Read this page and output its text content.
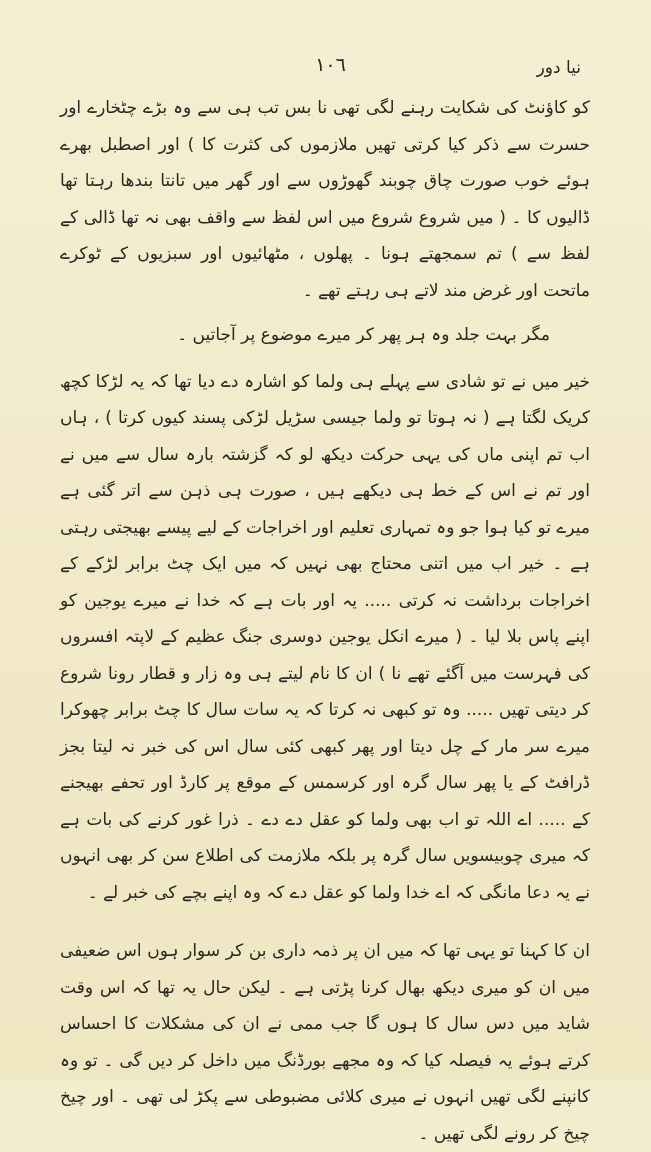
١٠٦	نیا دور

کو کاؤنٹ کی شکایت رہنے لگی تھی نا بس تب ہی سے وہ بڑے چٹخارے اور حسرت سے ذکر کیا کرتی تھیں ملازموں کی کثرت کا ) اور اصطبل بھرے ہوئے خوب صورت چاق چوبند گھوڑوں سے اور گھر میں تانتا بندھا رہتا تھا ڈالیوں کا ۔ ( میں شروع شروع میں اس لفظ سے واقف بھی نہ تھا ڈالی کے لفظ سے ) تم سمجھتے ہونا ۔ پھلوں ، مٹھائیوں اور سبزیوں کے ٹوکرے ماتحت اور غرض مند لاتے ہی رہتے تھے ۔

مگر بہت جلد وہ ہر پھر کر میرے موضوع پر آجاتیں ۔

خیر میں نے تو شادی سے پہلے ہی ولما کو اشارہ دے دیا تھا کہ یہ لڑکا کچھ کریک لگتا ہے ( نہ ہوتا تو ولما جیسی سڑیل لڑکی پسند کیوں کرتا ) ، ہاں اب تم اپنی ماں کی یہی حرکت دیکھ لو کہ گزشتہ بارہ سال سے میں نے اور تم نے اس کے خط ہی دیکھے ہیں ، صورت ہی ذہن سے اتر گئی ہے میرے تو کیا ہوا جو وہ تمہاری تعلیم اور اخراجات کے لیے پیسے بھیجتی رہتی ہے ۔ خیر اب میں اتنی محتاج بھی نہیں کہ میں ایک چٹ برابر لڑکے کے اخراجات برداشت نہ کرتی ..... یہ اور بات ہے کہ خدا نے میرے یوجین کو اپنے پاس بلا لیا ۔ ( میرے انکل یوجین دوسری جنگ عظیم کے لاپتہ افسروں کی فہرست میں آگئے تھے نا ) ان کا نام لیتے ہی وہ زار و قطار رونا شروع کر دیتی تھیں ..... وہ تو کبھی نہ کرتا کہ یہ سات سال کا چٹ برابر چھوکرا میرے سر مار کے چل دیتا اور پھر کبھی کئی سال اس کی خبر نہ لیتا بجز ڈرافٹ کے یا پھر سال گرہ اور کرسمس کے موقع پر کارڈ اور تحفے بھیجنے کے ..... اے اللہ تو اب بھی ولما کو عقل دے دے ۔ ذرا غور کرنے کی بات ہے کہ میری چوبیسویں سال گرہ پر بلکہ ملازمت کی اطلاع سن کر بھی انہوں نے یہ دعا مانگی کہ اے خدا ولما کو عقل دے کہ وہ اپنے بچے کی خبر لے ۔

ان کا کہنا تو یہی تھا کہ میں ان پر ذمہ داری بن کر سوار ہوں اس ضعیفی میں ان کو میری دیکھ بھال کرنا پڑتی ہے ۔ لیکن حال یہ تھا کہ اس وقت شاید میں دس سال کا ہوں گا جب ممی نے ان کی مشکلات کا احساس کرتے ہوئے یہ فیصلہ کیا کہ وہ مجھے بورڈنگ میں داخل کر دیں گی ۔ تو وہ کانپنے لگی تھیں انہوں نے میری کلائی مضبوطی سے پکڑ لی تھی ۔ اور چیخ چیخ کر رونے لگی تھیں ۔
